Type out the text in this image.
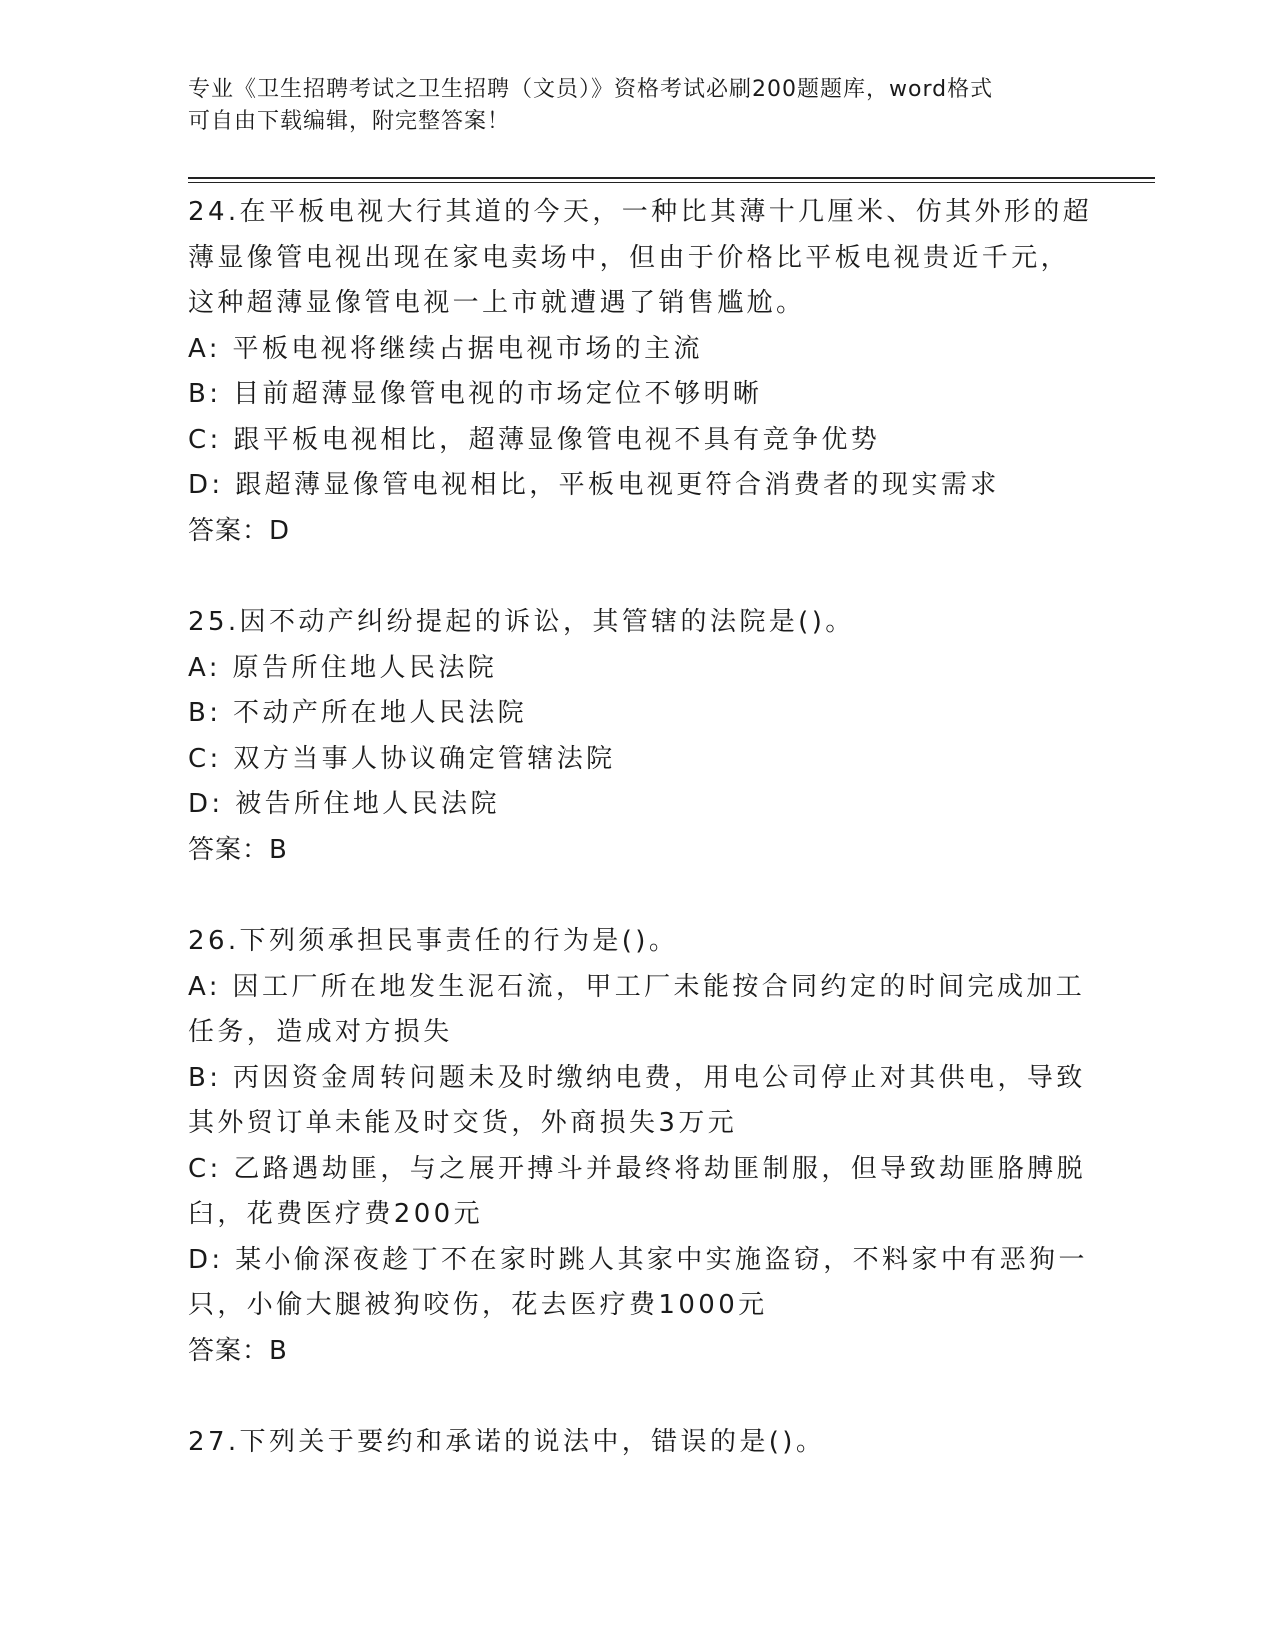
专业《卫生招聘考试之卫生招聘（文员）》资格考试必刷200题题库，word格式
可自由下载编辑，附完整答案！
24.在平板电视大行其道的今天，一种比其薄十几厘米、仿其外形的超
薄显像管电视出现在家电卖场中，但由于价格比平板电视贵近千元，
这种超薄显像管电视一上市就遭遇了销售尴尬。
A: 平板电视将继续占据电视市场的主流
B: 目前超薄显像管电视的市场定位不够明晰
C: 跟平板电视相比，超薄显像管电视不具有竞争优势
D: 跟超薄显像管电视相比，平板电视更符合消费者的现实需求
答案：D
25.因不动产纠纷提起的诉讼，其管辖的法院是()。
A: 原告所住地人民法院
B: 不动产所在地人民法院
C: 双方当事人协议确定管辖法院
D: 被告所住地人民法院
答案：B
26.下列须承担民事责任的行为是()。
A: 因工厂所在地发生泥石流，甲工厂未能按合同约定的时间完成加工
任务，造成对方损失
B: 丙因资金周转问题未及时缴纳电费，用电公司停止对其供电，导致
其外贸订单未能及时交货，外商损失3万元
C: 乙路遇劫匪，与之展开搏斗并最终将劫匪制服，但导致劫匪胳膊脱
臼，花费医疗费200元
D: 某小偷深夜趁丁不在家时跳人其家中实施盗窃，不料家中有恶狗一
只，小偷大腿被狗咬伤，花去医疗费1000元
答案：B
27.下列关于要约和承诺的说法中，错误的是()。
